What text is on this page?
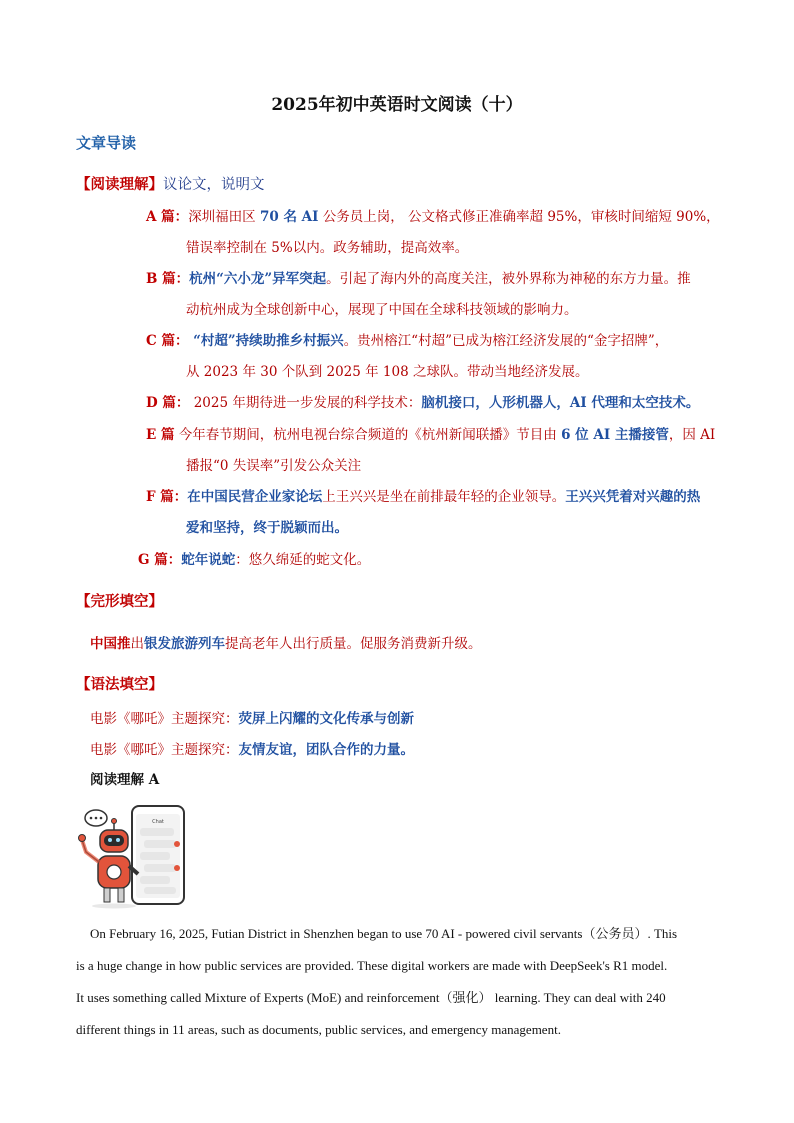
2025年初中英语时文阅读（十）
文章导读
【阅读理解】议论文，说明文
A 篇：深圳福田区 70 名 AI 公务员上岗， 公文格式修正准确率超 95%，审核时间缩短 90%，
错误率控制在 5%以内。政务辅助，提高效率。
B 篇：杭州“六小龙”异军突起。引起了海内外的高度关注，被外界称为神秘的东方力量。推
动杭州成为全球创新中心，展现了中国在全球科技领域的影响力。
C 篇： “村超”持续助推乡村振兴。贵州榕江“村超”已成为榕江经济发展的“金字招牌”，
从 2023 年 30 个队到 2025 年 108 之球队。带动当地经济发展。
D 篇： 2025 年期待进一步发展的科学技术：脑机接口，人形机器人，AI 代理和太空技术。
E 篇 今年春节期间，杭州电视台综合频道的《杭州新闻联播》节目由 6 位 AI 主播接管，因 AI
播报“0 失误率”引发公众关注
F 篇：在中国民营企业家论坛上王兴兴是坐在前排最年轻的企业领导。王兴兴凭着对兴趣的热
爱和坚持，终于脱颖而出。
G 篇：蛇年说蛇：悠久绵延的蛇文化。
【完形填空】
中国推出银发旅游列车提高老年人出行质量。促服务消费新升级。
【语法填空】
电影《哪吒》主题探究：荧屏上闪耀的文化传承与创新
电影《哪吒》主题探究：友情友谊，团队合作的力量。
阅读理解 A
Chat
On February 16, 2025, Futian District in Shenzhen began to use 70 AI - powered civil servants（公务员）. This
is a huge change in how public services are provided. These digital workers are made with DeepSeek's R1 model.
It uses something called Mixture of Experts (MoE) and reinforcement（强化） learning. They can deal with 240
different things in 11 areas, such as documents, public services, and emergency management.
